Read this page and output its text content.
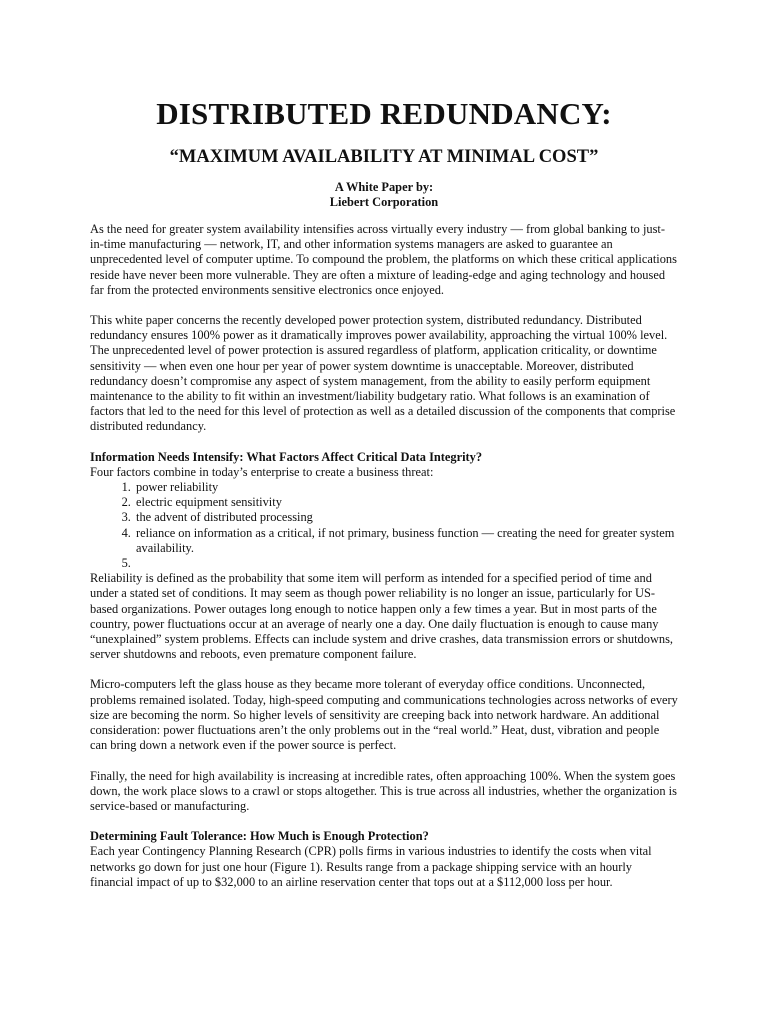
DISTRIBUTED REDUNDANCY:
“MAXIMUM AVAILABILITY AT MINIMAL COST”
A White Paper by:
Liebert Corporation

As the need for greater system availability intensifies across virtually every industry — from global banking to just-in-time manufacturing — network, IT, and other information systems managers are asked to guarantee an unprecedented level of computer uptime. To compound the problem, the platforms on which these critical applications reside have never been more vulnerable. They are often a mixture of leading-edge and aging technology and housed far from the protected environments sensitive electronics once enjoyed.

This white paper concerns the recently developed power protection system, distributed redundancy. Distributed redundancy ensures 100% power as it dramatically improves power availability, approaching the virtual 100% level. The unprecedented level of power protection is assured regardless of platform, application criticality, or downtime sensitivity — when even one hour per year of power system downtime is unacceptable. Moreover, distributed redundancy doesn’t compromise any aspect of system management, from the ability to easily perform equipment maintenance to the ability to fit within an investment/liability budgetary ratio. What follows is an examination of factors that led to the need for this level of protection as well as a detailed discussion of the components that comprise distributed redundancy.

Information Needs Intensify: What Factors Affect Critical Data Integrity?
Four factors combine in today’s enterprise to create a business threat:
1. power reliability
2. electric equipment sensitivity
3. the advent of distributed processing
4. reliance on information as a critical, if not primary, business function — creating the need for greater system availability.
5.

Reliability is defined as the probability that some item will perform as intended for a specified period of time and under a stated set of conditions. It may seem as though power reliability is no longer an issue, particularly for US-based organizations. Power outages long enough to notice happen only a few times a year. But in most parts of the country, power fluctuations occur at an average of nearly one a day. One daily fluctuation is enough to cause many “unexplained” system problems. Effects can include system and drive crashes, data transmission errors or shutdowns, server shutdowns and reboots, even premature component failure.

Micro-computers left the glass house as they became more tolerant of everyday office conditions. Unconnected, problems remained isolated. Today, high-speed computing and communications technologies across networks of every size are becoming the norm. So higher levels of sensitivity are creeping back into network hardware. An additional consideration: power fluctuations aren’t the only problems out in the “real world.” Heat, dust, vibration and people can bring down a network even if the power source is perfect.

Finally, the need for high availability is increasing at incredible rates, often approaching 100%. When the system goes down, the work place slows to a crawl or stops altogether. This is true across all industries, whether the organization is service-based or manufacturing.

Determining Fault Tolerance: How Much is Enough Protection?

Each year Contingency Planning Research (CPR) polls firms in various industries to identify the costs when vital networks go down for just one hour (Figure 1). Results range from a package shipping service with an hourly financial impact of up to $32,000 to an airline reservation center that tops out at a $112,000 loss per hour.
